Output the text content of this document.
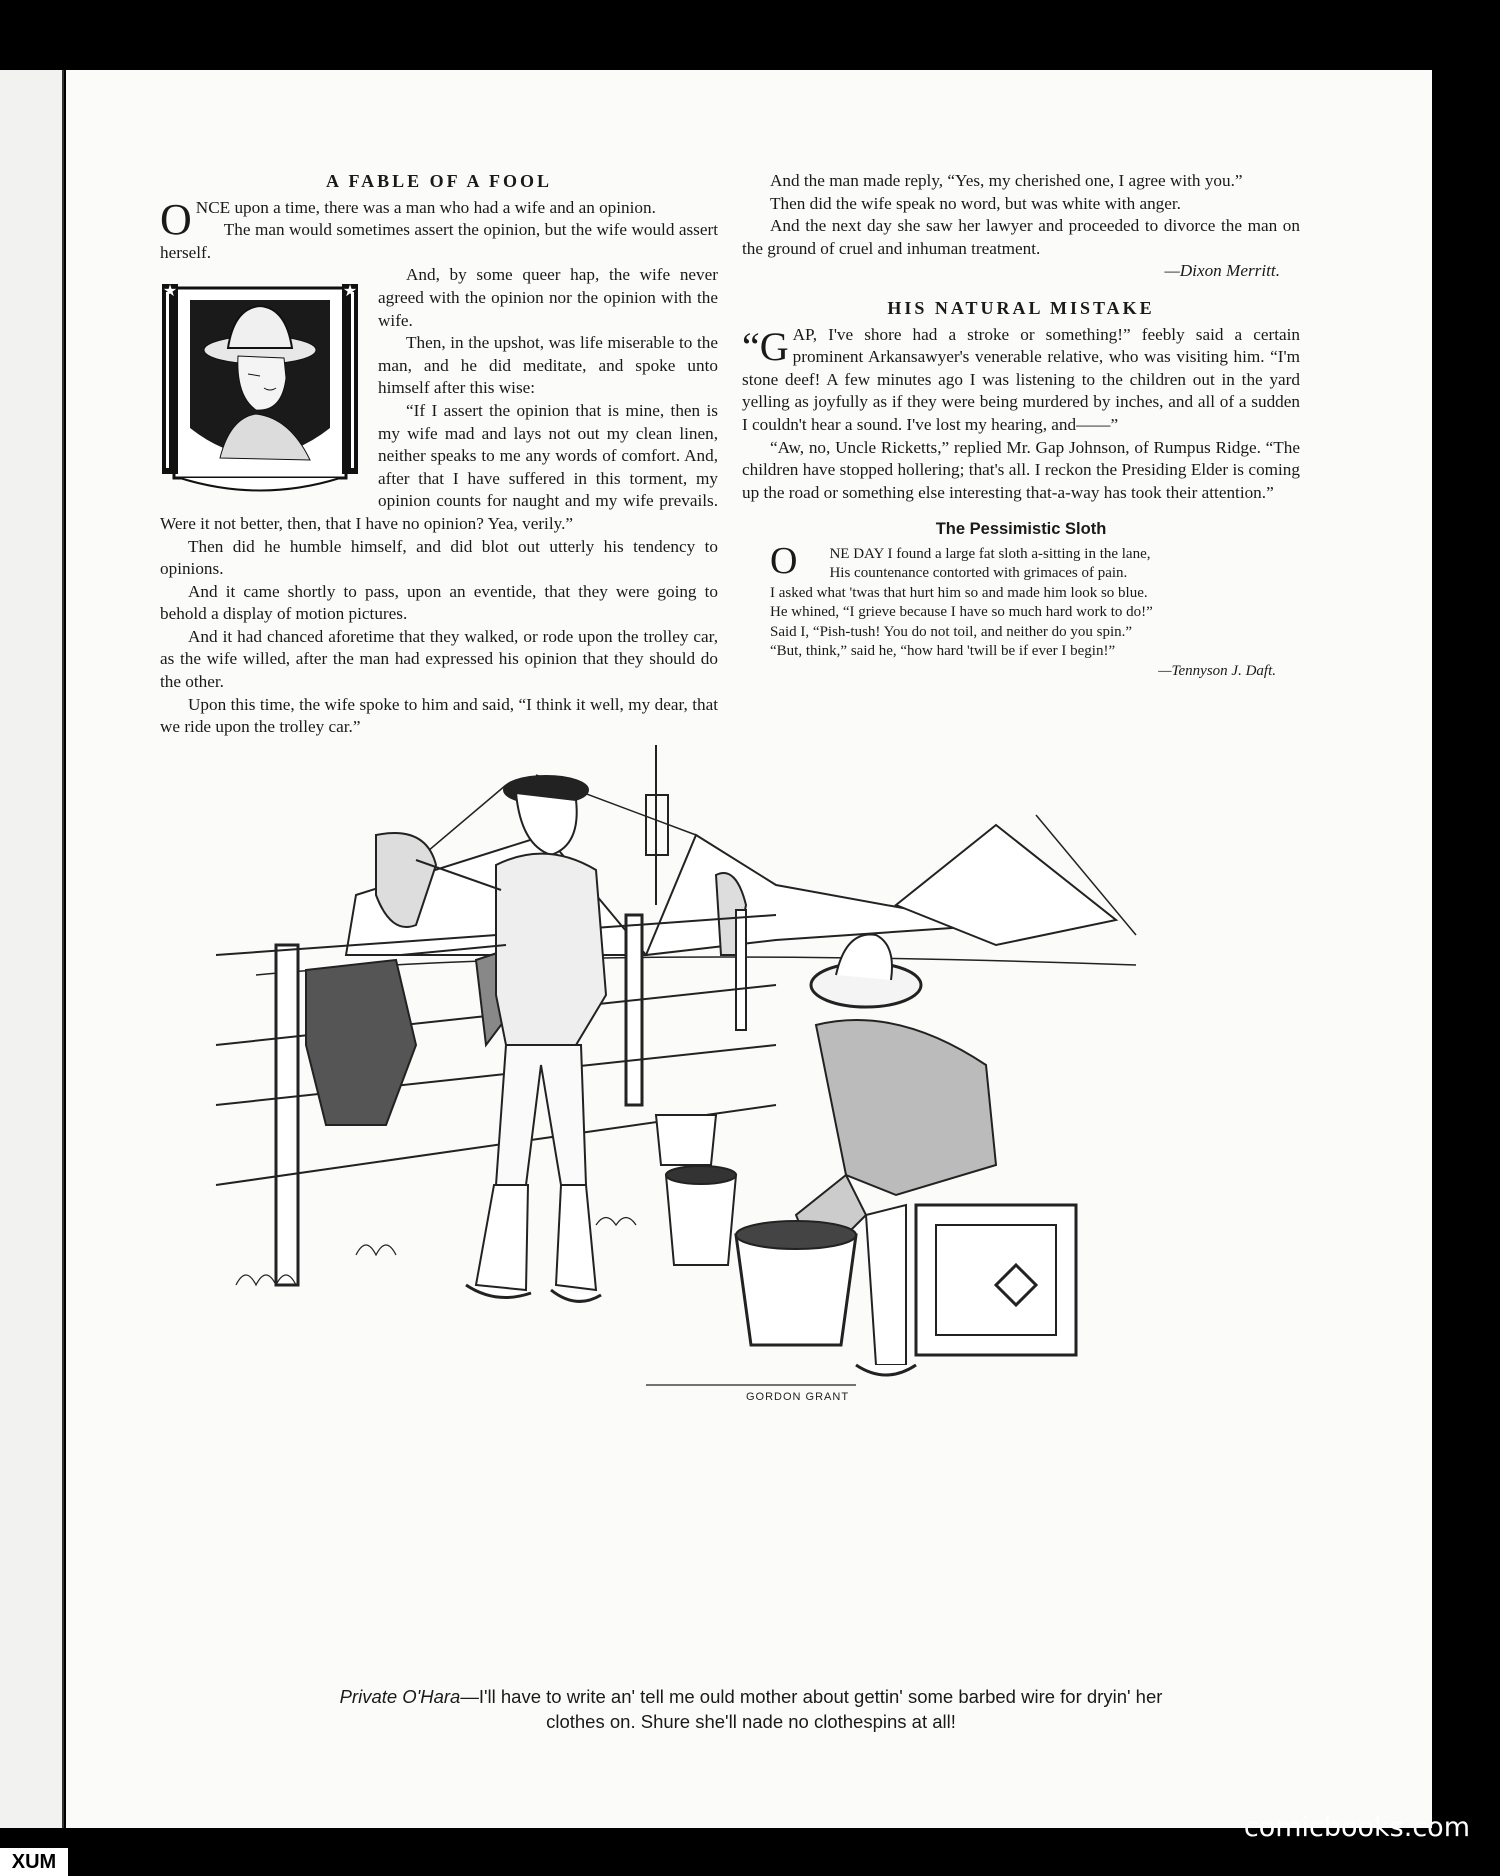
A FABLE OF A FOOL

ONCE upon a time, there was a man who had a wife and an opinion.

The man would sometimes assert the opinion, but the wife would assert herself.

★	★

And, by some queer hap, the wife never agreed with the opinion nor the opinion with the wife.

Then, in the upshot, was life miserable to the man, and he did meditate, and spoke unto himself after this wise:

“If I assert the opinion that is mine, then is my wife mad and lays not out my clean linen, neither speaks to me any words of comfort. And, after that I have suffered in this torment, my opinion counts for naught and my wife prevails. Were it not better, then, that I have no opinion? Yea, verily.”

Then did he humble himself, and did blot out utterly his tendency to opinions.

And it came shortly to pass, upon an eventide, that they were going to behold a display of motion pictures.

And it had chanced aforetime that they walked, or rode upon the trolley car, as the wife willed, after the man had expressed his opinion that they should do the other.

Upon this time, the wife spoke to him and said, “I think it well, my dear, that we ride upon the trolley car.”

And the man made reply, “Yes, my cherished one, I agree with you.”

Then did the wife speak no word, but was white with anger.

And the next day she saw her lawyer and proceeded to divorce the man on the ground of cruel and inhuman treatment.

—Dixon Merritt.
HIS NATURAL MISTAKE

“GAP, I've shore had a stroke or something!” feebly said a certain prominent Arkansawyer's venerable relative, who was visiting him. “I'm stone deef! A few minutes ago I was listening to the children out in the yard yelling as joyfully as if they were being murdered by inches, and all of a sudden I couldn't hear a sound. I've lost my hearing, and——”

“Aw, no, Uncle Ricketts,” replied Mr. Gap Johnson, of Rumpus Ridge. “The children have stopped hollering; that's all. I reckon the Presiding Elder is coming up the road or something else interesting that-a-way has took their attention.”

The Pessimistic Sloth

O NE DAY I found a large fat sloth a-sitting in the lane,

His countenance contorted with grimaces of pain.

I asked what 'twas that hurt him so and made him look so blue.

He whined, “I grieve because I have so much hard work to do!”

Said I, “Pish-tush! You do not toil, and neither do you spin.”

“But, think,” said he, “how hard 'twill be if ever I begin!”

—Tennyson J. Daft.
GORDON GRANT
Private O'Hara—I'll have to write an' tell me ould mother about gettin' some barbed wire for dryin' her
clothes on. Shure she'll nade no clothespins at all!
comicbooks.com
XUM
